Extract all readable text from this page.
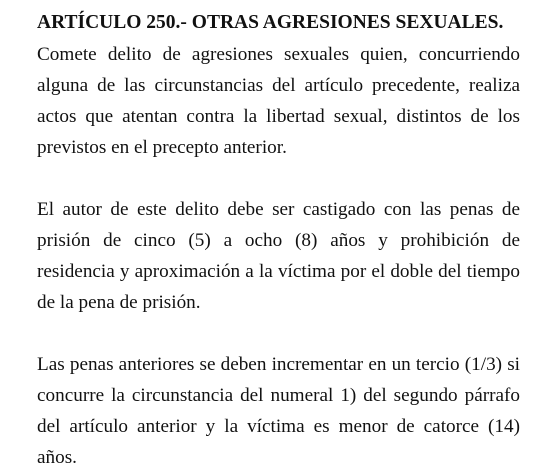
ARTÍCULO 250.- OTRAS AGRESIONES SEXUALES.

Comete delito de agresiones sexuales quien, concurriendo alguna de las circunstancias del artículo precedente, realiza actos que atentan contra la libertad sexual, distintos de los previstos en el precepto anterior.

El autor de este delito debe ser castigado con las penas de prisión de cinco (5) a ocho (8) años y prohibición de residencia y aproximación a la víctima por el doble del tiempo de la pena de prisión.

Las penas anteriores se deben incrementar en un tercio (1/3) si concurre la circunstancia del numeral 1) del segundo párrafo del artículo anterior y la víctima es menor de catorce (14) años.
